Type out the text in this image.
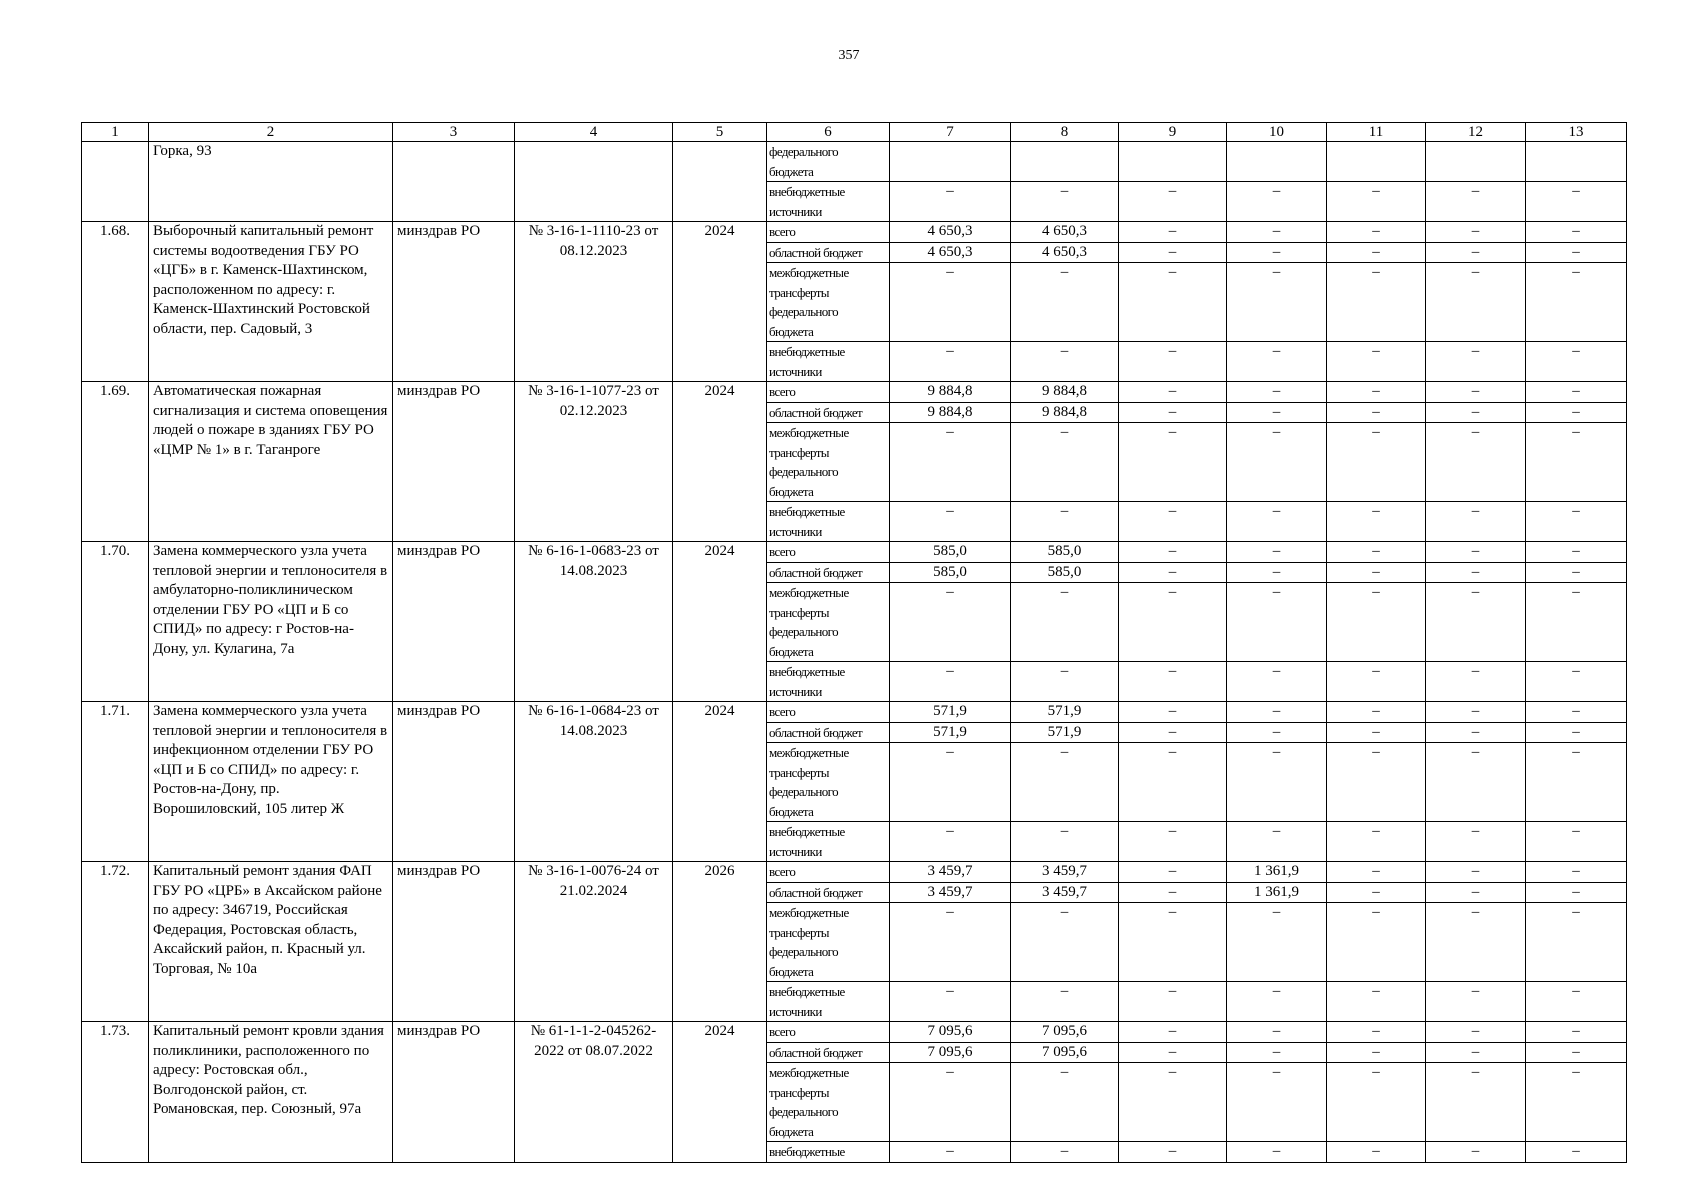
357
1	2	3	4	5	6	7	8	9	10	11	12	13
	Горка, 93				федерального
бюджета							
					внебюджетные
источники	–	–	–	–	–	–	–
1.68.	Выборочный капитальный ремонт системы водоотведения ГБУ РО «ЦГБ» в г. Каменск-Шахтинском, расположенном по адресу: г. Каменск-Шахтинский Ростовской области, пер. Садовый, 3	минздрав РО	№ 3-16-1-1110-23 от 08.12.2023	2024	всего	4 650,3	4 650,3	–	–	–	–	–
					областной бюджет	4 650,3	4 650,3	–	–	–	–	–
					межбюджетные
трансферты
федерального
бюджета	–	–	–	–	–	–	–
					внебюджетные
источники	–	–	–	–	–	–	–
1.69.	Автоматическая пожарная сигнализация и система оповещения людей о пожаре в зданиях ГБУ РО «ЦМР № 1» в г. Таганроге	минздрав РО	№ 3-16-1-1077-23 от 02.12.2023	2024	всего	9 884,8	9 884,8	–	–	–	–	–
					областной бюджет	9 884,8	9 884,8	–	–	–	–	–
					межбюджетные
трансферты
федерального
бюджета	–	–	–	–	–	–	–
					внебюджетные
источники	–	–	–	–	–	–	–
1.70.	Замена коммерческого узла учета тепловой энергии и теплоносителя в амбулаторно-поликлиническом отделении ГБУ РО «ЦП и Б со СПИД» по адресу: г Ростов-на-Дону, ул. Кулагина, 7а	минздрав РО	№ 6-16-1-0683-23 от 14.08.2023	2024	всего	585,0	585,0	–	–	–	–	–
					областной бюджет	585,0	585,0	–	–	–	–	–
					межбюджетные
трансферты
федерального
бюджета	–	–	–	–	–	–	–
					внебюджетные
источники	–	–	–	–	–	–	–
1.71.	Замена коммерческого узла учета тепловой энергии и теплоносителя в инфекционном отделении ГБУ РО «ЦП и Б со СПИД» по адресу: г. Ростов-на-Дону, пр. Ворошиловский, 105 литер Ж	минздрав РО	№ 6-16-1-0684-23 от 14.08.2023	2024	всего	571,9	571,9	–	–	–	–	–
					областной бюджет	571,9	571,9	–	–	–	–	–
					межбюджетные
трансферты
федерального
бюджета	–	–	–	–	–	–	–
					внебюджетные
источники	–	–	–	–	–	–	–
1.72.	Капитальный ремонт здания ФАП ГБУ РО «ЦРБ» в Аксайском районе по адресу: 346719, Российская Федерация, Ростовская область, Аксайский район, п. Красный ул. Торговая, № 10а	минздрав РО	№ 3-16-1-0076-24 от 21.02.2024	2026	всего	3 459,7	3 459,7	–	1 361,9	–	–	–
					областной бюджет	3 459,7	3 459,7	–	1 361,9	–	–	–
					межбюджетные
трансферты
федерального
бюджета	–	–	–	–	–	–	–
					внебюджетные
источники	–	–	–	–	–	–	–
1.73.	Капитальный ремонт кровли здания поликлиники, расположенного по адресу: Ростовская обл., Волгодонской район, ст. Романовская, пер. Союзный, 97а	минздрав РО	№ 61-1-1-2-045262-2022 от 08.07.2022	2024	всего	7 095,6	7 095,6	–	–	–	–	–
					областной бюджет	7 095,6	7 095,6	–	–	–	–	–
					межбюджетные
трансферты
федерального
бюджета	–	–	–	–	–	–	–
					внебюджетные	–	–	–	–	–	–	–
